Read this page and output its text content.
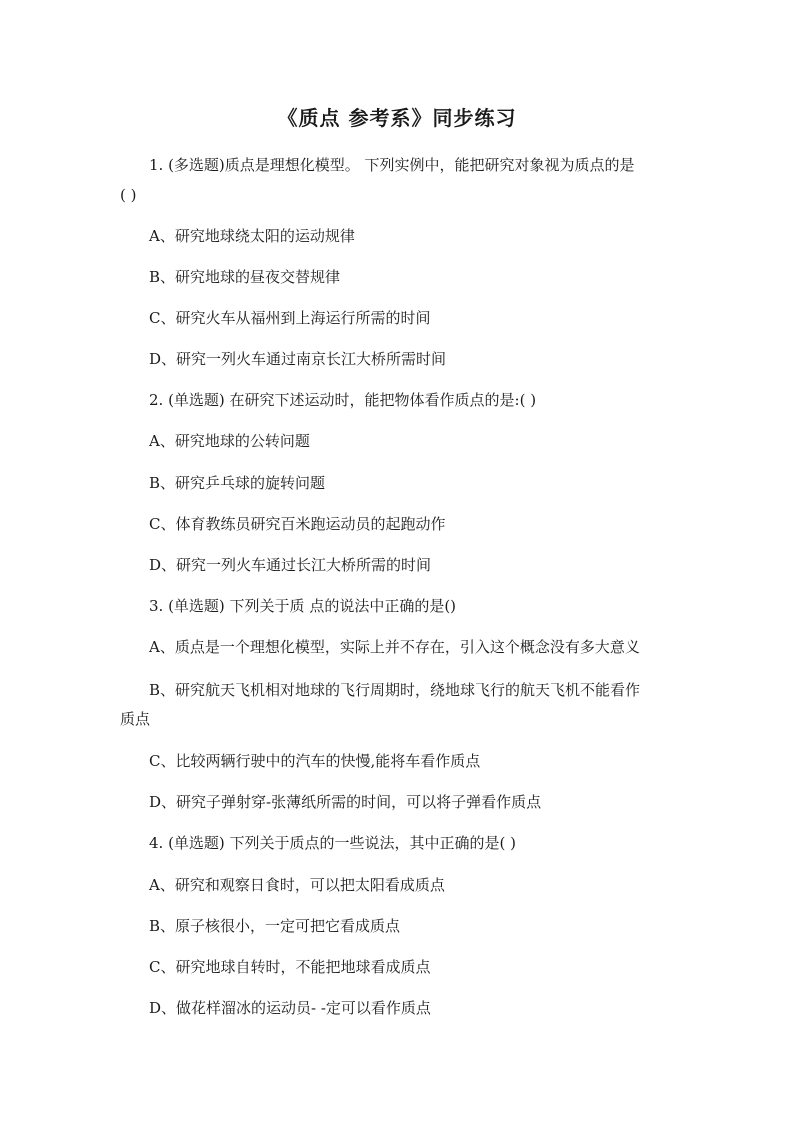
《质点 参考系》同步练习
1. (多选题)质点是理想化模型。 下列实例中，能把研究对象视为质点的是
( )
A、研究地球绕太阳的运动规律
B、研究地球的昼夜交替规律
C、研究火车从福州到上海运行所需的时间
D、研究一列火车通过南京长江大桥所需时间
2. (单选题) 在研究下述运动时，能把物体看作质点的是:( )
A、研究地球的公转问题
B、研究乒乓球的旋转问题
C、体育教练员研究百米跑运动员的起跑动作
D、研究一列火车通过长江大桥所需的时间
3. (单选题) 下列关于质 点的说法中正确的是()
A、质点是一个理想化模型，实际上并不存在，引入这个概念没有多大意义
B、研究航天飞机相对地球的飞行周期时，绕地球飞行的航天飞机不能看作
质点
C、比较两辆行驶中的汽车的快慢,能将车看作质点
D、研究子弹射穿-张薄纸所需的时间，可以将子弹看作质点
4. (单选题) 下列关于质点的一些说法，其中正确的是( )
A、研究和观察日食时，可以把太阳看成质点
B、原子核很小，一定可把它看成质点
C、研究地球自转时，不能把地球看成质点
D、做花样溜冰的运动员- -定可以看作质点
